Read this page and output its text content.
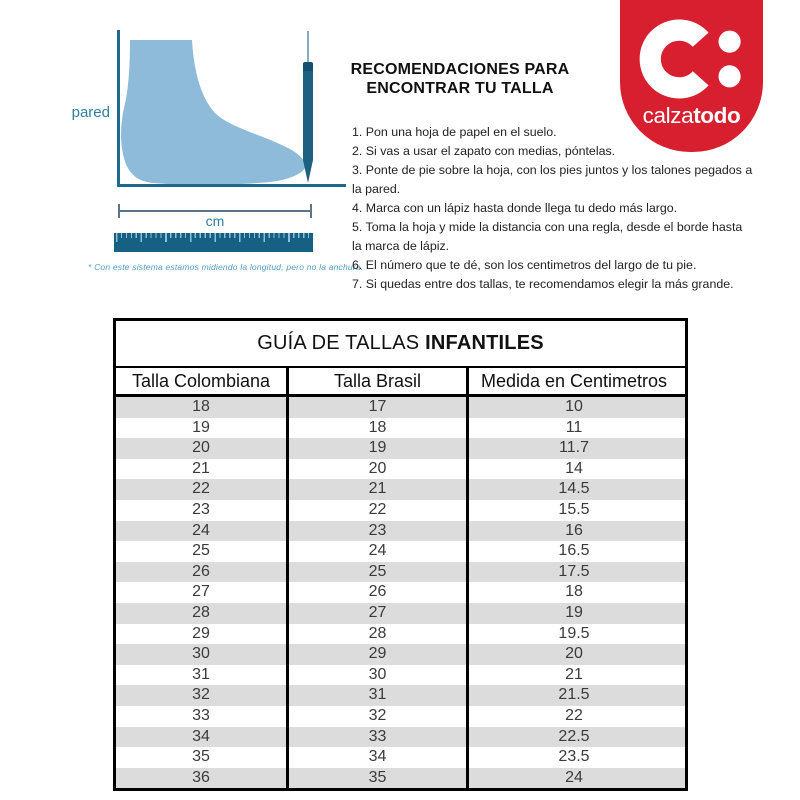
pared
cm
* Con este sistema estamos midiendo la longitud, pero no la anchura.
RECOMENDACIONES PARA
ENCONTRAR TU TALLA

1. Pon una hoja de papel en el suelo.

2. Si vas a usar el zapato con medias, póntelas.

3. Ponte de pie sobre la hoja, con los pies juntos y los talones pegados a la pared.

4. Marca con un lápiz hasta donde llega tu dedo más largo.

5. Toma la hoja y mide la distancia con una regla, desde el borde hasta la marca de lápiz.

6. El número que te dé, son los centimetros del largo de tu pie.

7. Si quedas entre dos tallas, te recomendamos elegir la más grande.

calzatodo
GUÍA DE TALLAS INFANTILES
Talla Colombiana	Talla Brasil	Medida en Centimetros
18	17	10
19	18	11
20	19	11.7
21	20	14
22	21	14.5
23	22	15.5
24	23	16
25	24	16.5
26	25	17.5
27	26	18
28	27	19
29	28	19.5
30	29	20
31	30	21
32	31	21.5
33	32	22
34	33	22.5
35	34	23.5
36	35	24
